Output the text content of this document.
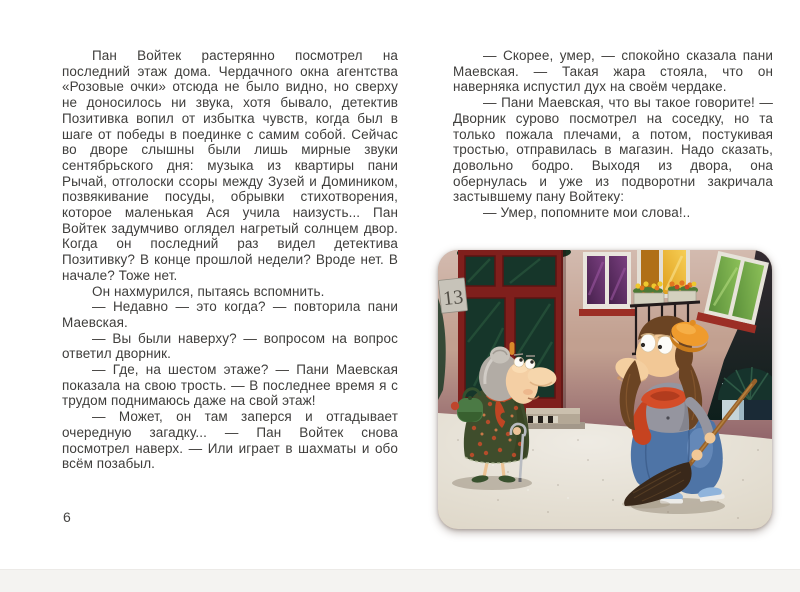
Пан Войтек растерянно посмотрел на последний этаж дома. Чердачного окна агентства «Розовые очки» отсюда не было видно, но сверху не доносилось ни звука, хотя бывало, детектив Позитивка вопил от избытка чувств, когда был в шаге от победы в поединке с самим собой. Сейчас во дворе слышны были лишь мирные звуки сентябрьского дня: музыка из квартиры пани Рычай, отголоски ссоры между Зузей и Домиником, позвякивание посуды, обрывки стихотворения, которое маленькая Ася учила наизусть... Пан Войтек задумчиво оглядел нагретый солнцем двор. Когда он последний раз видел детектива Позитивку? В конце прошлой недели? Вроде нет. В начале? Тоже нет.

Он нахмурился, пытаясь вспомнить.

— Недавно — это когда? — повторила пани Маевская.

— Вы были наверху? — вопросом на вопрос ответил дворник.

— Где, на шестом этаже? — Пани Маевская показала на свою трость. — В последнее время я с трудом поднимаюсь даже на свой этаж!

— Может, он там заперся и отгадывает очередную загадку... — Пан Войтек снова посмотрел наверх. — Или играет в шахматы и обо всём позабыл.

6

— Скорее, умер, — спокойно сказала пани Маевская. — Такая жара стояла, что он наверняка испустил дух на своём чердаке.

— Пани Маевская, что вы такое говорите! — Дворник сурово посмотрел на соседку, но та только пожала плечами, а потом, постукивая тростью, отправилась в магазин. Надо сказать, довольно бодро. Выходя из двора, она обернулась и уже из подворотни закричала застывшему пану Войтеку:

— Умер, попомните мои слова!..

13
